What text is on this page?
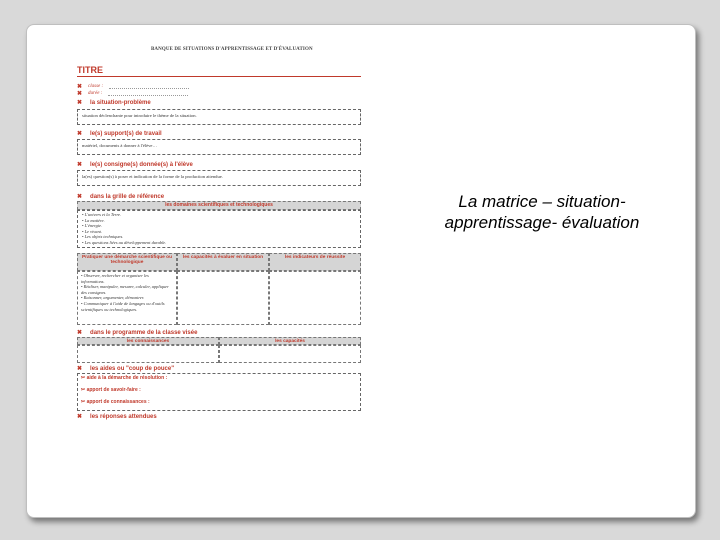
BANQUE DE SITUATIONS D'APPRENTISSAGE ET D'ÉVALUATION
TITRE
✖ classe :
✖ durée :
✖ la situation-problème
situation déclenchante pour introduire le thème de la situation.
✖ le(s) support(s) de travail
matériel, documents à donner à l'élève…
✖ le(s) consigne(s) donnée(s) à l'élève
la(es) question(s) à poser et indication de la forme de la production attendue.
✖ dans la grille de référence
les domaines scientifiques et technologiques
• L'univers et la Terre.
• La matière.
• L'énergie.
• Le vivant.
• Les objets techniques.
• Les questions liées au développement durable.
Pratiquer une démarche scientifique ou technologique
les capacités à évaluer en situation	les indicateurs de réussite
• Observer, rechercher et organiser les informations.
• Réaliser, manipuler, mesurer, calculer, appliquer des consignes.
• Raisonner, argumenter, démontrer.
• Communiquer à l'aide de langages ou d'outils scientifiques ou technologiques.
✖ dans le programme de la classe visée
les connaissances	les capacités
✖ les aides ou "coup de pouce"
✂ aide à la démarche de résolution :
✂ apport de savoir-faire :
✂ apport de connaissances :
✖ les réponses attendues
La matrice – situation-apprentissage- évaluation
